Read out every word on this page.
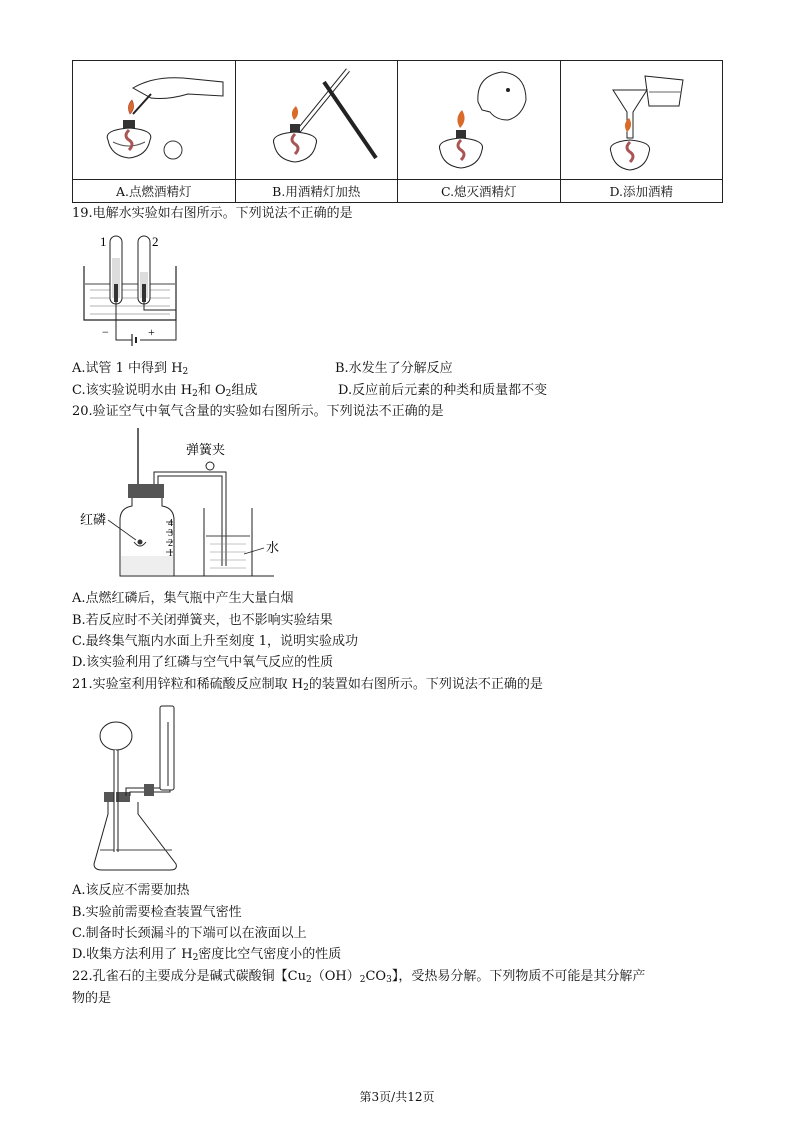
A.点燃酒精灯	B.用酒精灯加热	C.熄灭酒精灯	D.添加酒精
19.电解水实验如右图所示。下列说法不正确的是
1	2
−	+
A.试管 1 中得到 $H_2$	B.水发生了分解反应
C.该实验说明水由 $H_2$和 $O_2$组成	D.反应前后元素的种类和质量都不变
20.验证空气中氧气含量的实验如右图所示。下列说法不正确的是
弹簧夹
4
3
2
1
红磷
水
A.点燃红磷后，集气瓶中产生大量白烟
B.若反应时不关闭弹簧夹，也不影响实验结果
C.最终集气瓶内水面上升至刻度 1，说明实验成功
D.该实验利用了红磷与空气中氧气反应的性质
21.实验室利用锌粒和稀硫酸反应制取 $H_2$的装置如右图所示。下列说法不正确的是
A.该反应不需要加热
B.实验前需要检查装置气密性
C.制备时长颈漏斗的下端可以在液面以上
D.收集方法利用了 $H_2$密度比空气密度小的性质
22.孔雀石的主要成分是碱式碳酸铜【$Cu_2(OH)_2CO_3$】，受热易分解。下列物质不可能是其分解产
物的是
第3页/共12页
